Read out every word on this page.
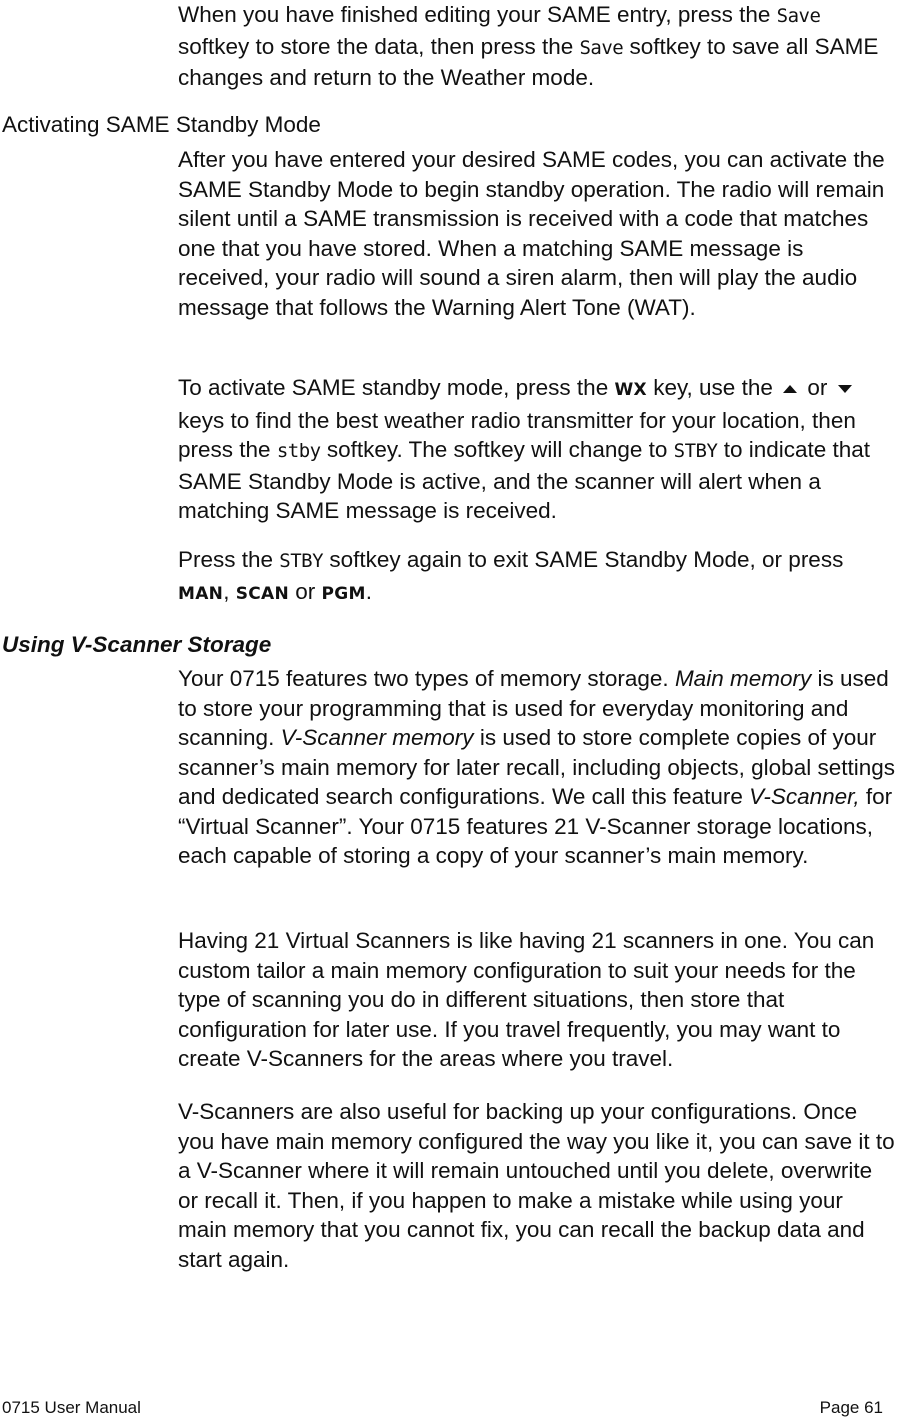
When you have finished editing your SAME entry, press the Save softkey to store the data, then press the Save softkey to save all SAME changes and return to the Weather mode.

Activating SAME Standby Mode

After you have entered your desired SAME codes, you can activate the SAME Standby Mode to begin standby operation. The radio will remain silent until a SAME transmission is received with a code that matches one that you have stored. When a matching SAME message is received, your radio will sound a siren alarm, then will play the audio message that follows the Warning Alert Tone (WAT).

To activate SAME standby mode, press the WX key, use the  or  keys to find the best weather radio transmitter for your location, then press the stby softkey. The softkey will change to STBY to indicate that SAME Standby Mode is active, and the scanner will alert when a matching SAME message is received.

Press the STBY softkey again to exit SAME Standby Mode, or press MAN, SCAN or PGM.

Using V-Scanner Storage

Your 0715 features two types of memory storage. Main memory is used to store your programming that is used for everyday monitoring and scanning. V-Scanner memory is used to store complete copies of your scanner’s main memory for later recall, including objects, global settings and dedicated search configurations. We call this feature V-Scanner, for “Virtual Scanner”. Your 0715 features 21 V-Scanner storage locations, each capable of storing a copy of your scanner’s main memory.

Having 21 Virtual Scanners is like having 21 scanners in one. You can custom tailor a main memory configuration to suit your needs for the type of scanning you do in different situations, then store that configuration for later use. If you travel frequently, you may want to create V-Scanners for the areas where you travel.

V-Scanners are also useful for backing up your configurations. Once you have main memory configured the way you like it, you can save it to a V-Scanner where it will remain untouched until you delete, overwrite or recall it. Then, if you happen to make a mistake while using your main memory that you cannot fix, you can recall the backup data and start again.

0715 User Manual	Page 61
